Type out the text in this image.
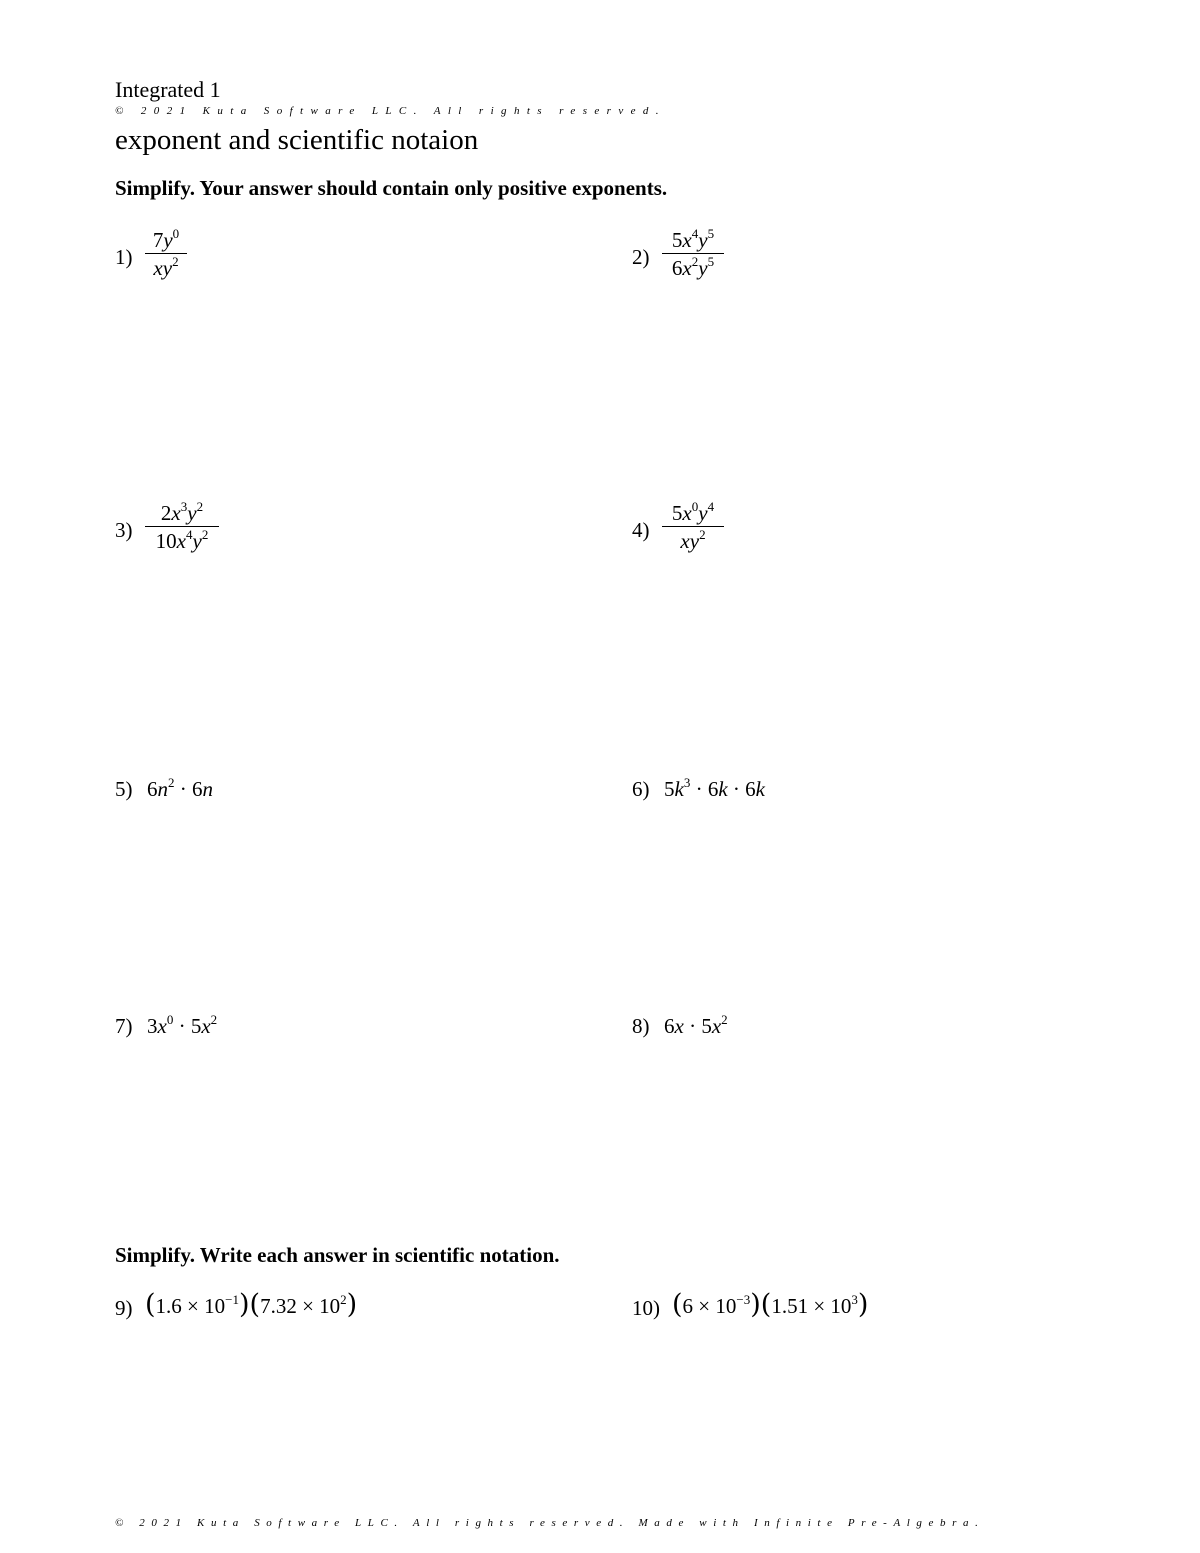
Integrated 1
© 2021 Kuta Software LLC. All rights reserved.
exponent and scientific notaion
Simplify. Your answer should contain only positive exponents.
1)
$7y^0$
$xy^2$	2)
$5x^4y^5$
$6x^2y^5$
3)
$2x^3y^2$
$10x^4y^2$	4)
$5x^0y^4$
$xy^2$
5) $6n^2 \cdot 6n$	6) $5k^3 \cdot 6k \cdot 6k$
7) $3x^0 \cdot 5x^2$	8) $6x \cdot 5x^2$
Simplify. Write each answer in scientific notation.
9) $(1.6 \times 10^{-1})(7.32 \times 10^2)$	10) $(6 \times 10^{-3})(1.51 \times 10^3)$
© 2021 Kuta Software LLC. All rights reserved. Made with Infinite Pre-Algebra.
